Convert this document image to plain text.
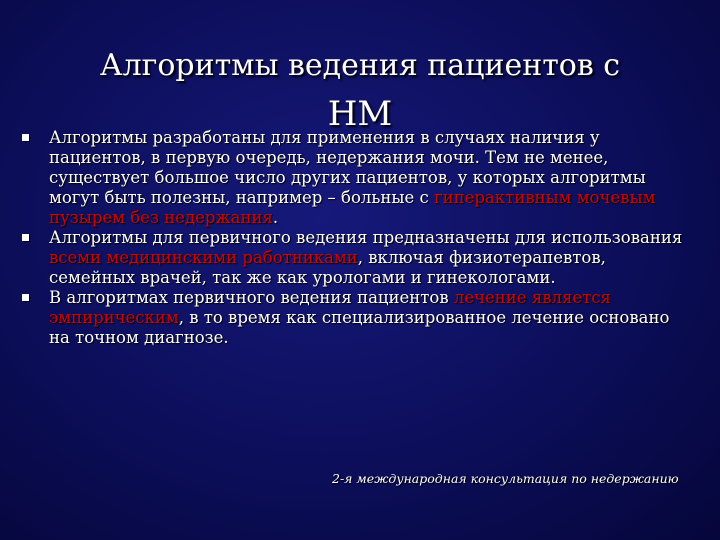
Алгоритмы ведения пациентов с
НМ
Алгоритмы разработаны для применения в случаях наличия у пациентов, в первую очередь, недержания мочи. Тем не менее, существует большое число других пациентов, у которых алгоритмы могут быть полезны, например – больные с гиперактивным мочевым пузырем без недержания.
Алгоритмы для первичного ведения предназначены для использования всеми медицинскими работниками, включая физиотерапевтов, семейных врачей, так же как урологами и гинекологами.
В алгоритмах первичного ведения пациентов лечение является эмпирическим, в то время как специализированное лечение основано на точном диагнозе.
2-я международная консультация по недержанию
